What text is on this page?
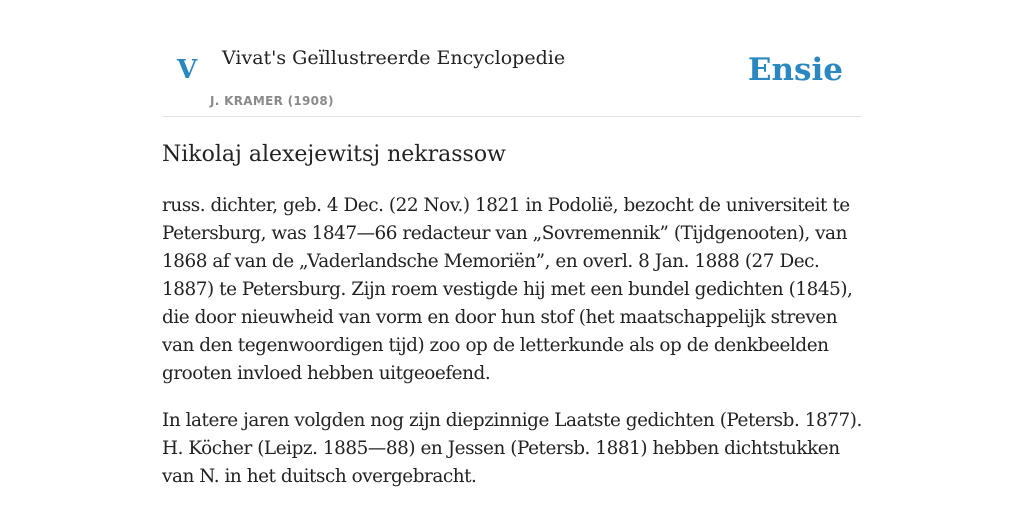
V Vivat's Geïllustreerde Encyclopedie
J. KRAMER (1908)
Ensie
Nikolaj alexejewitsj nekrassow

russ. dichter, geb. 4 Dec. (22 Nov.) 1821 in Podolië, bezocht de universiteit te Petersburg, was 1847—66 redacteur van „Sovremennik” (Tijdgenooten), van 1868 af van de „Vaderlandsche Memoriën”, en overl. 8 Jan. 1888 (27 Dec. 1887) te Petersburg. Zijn roem vestigde hij met een bundel gedichten (1845), die door nieuwheid van vorm en door hun stof (het maatschappelijk streven van den tegenwoordigen tijd) zoo op de letterkunde als op de denkbeelden grooten invloed hebben uitgeoefend.

In latere jaren volgden nog zijn diepzinnige Laatste gedichten (Petersb. 1877). H. Köcher (Leipz. 1885—88) en Jessen (Petersb. 1881) hebben dichtstukken van N. in het duitsch overgebracht.
